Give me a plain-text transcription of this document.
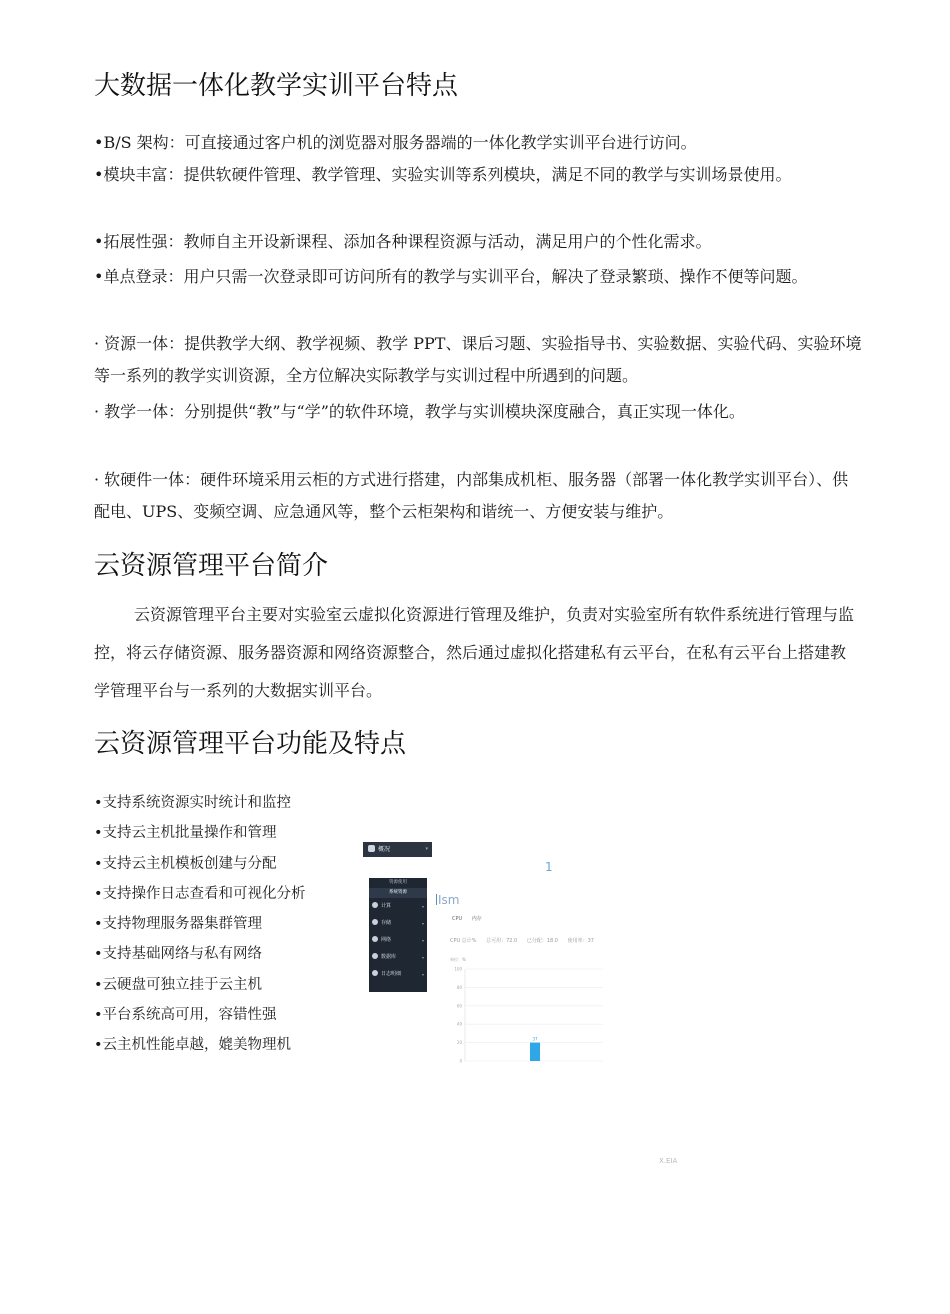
大数据一体化教学实训平台特点

•B/S 架构：可直接通过客户机的浏览器对服务器端的一体化教学实训平台进行访问。

•模块丰富：提供软硬件管理、教学管理、实验实训等系列模块，满足不同的教学与实训场景使用。

•拓展性强：教师自主开设新课程、添加各种课程资源与活动，满足用户的个性化需求。

•单点登录：用户只需一次登录即可访问所有的教学与实训平台，解决了登录繁琐、操作不便等问题。

· 资源一体：提供教学大纲、教学视频、教学 PPT、课后习题、实验指导书、实验数据、实验代码、实验环境等一系列的教学实训资源，全方位解决实际教学与实训过程中所遇到的问题。

· 教学一体：分别提供“教”与“学”的软件环境，教学与实训模块深度融合，真正实现一体化。

· 软硬件一体：硬件环境采用云柜的方式进行搭建，内部集成机柜、服务器（部署一体化教学实训平台）、供配电、UPS、变频空调、应急通风等，整个云柜架构和谐统一、方便安装与维护。

云资源管理平台简介

云资源管理平台主要对实验室云虚拟化资源进行管理及维护，负责对实验室所有软件系统进行管理与监控，将云存储资源、服务器资源和网络资源整合，然后通过虚拟化搭建私有云平台，在私有云平台上搭建教学管理平台与一系列的大数据实训平台。

云资源管理平台功能及特点
•支持系统资源实时统计和监控
•支持云主机批量操作和管理
•支持云主机模板创建与分配
•支持操作日志查看和可视化分析
•支持物理服务器集群管理
•支持基础网络与私有网络
•云硬盘可独立挂于云主机
•平台系统高可用，容错性强
•云主机性能卓越，媲美物理机
概况	▾
资源使用
系统资源
计算	▾
存储	▾
网络	▾
数据库	▾
日志明细	▾
1
Ism
CPU 内存
CPU 总计% 总可用：72.0 已分配：18.0 使用率：37
单位：%
100
80
60
40
20
0
37
X.EIA
